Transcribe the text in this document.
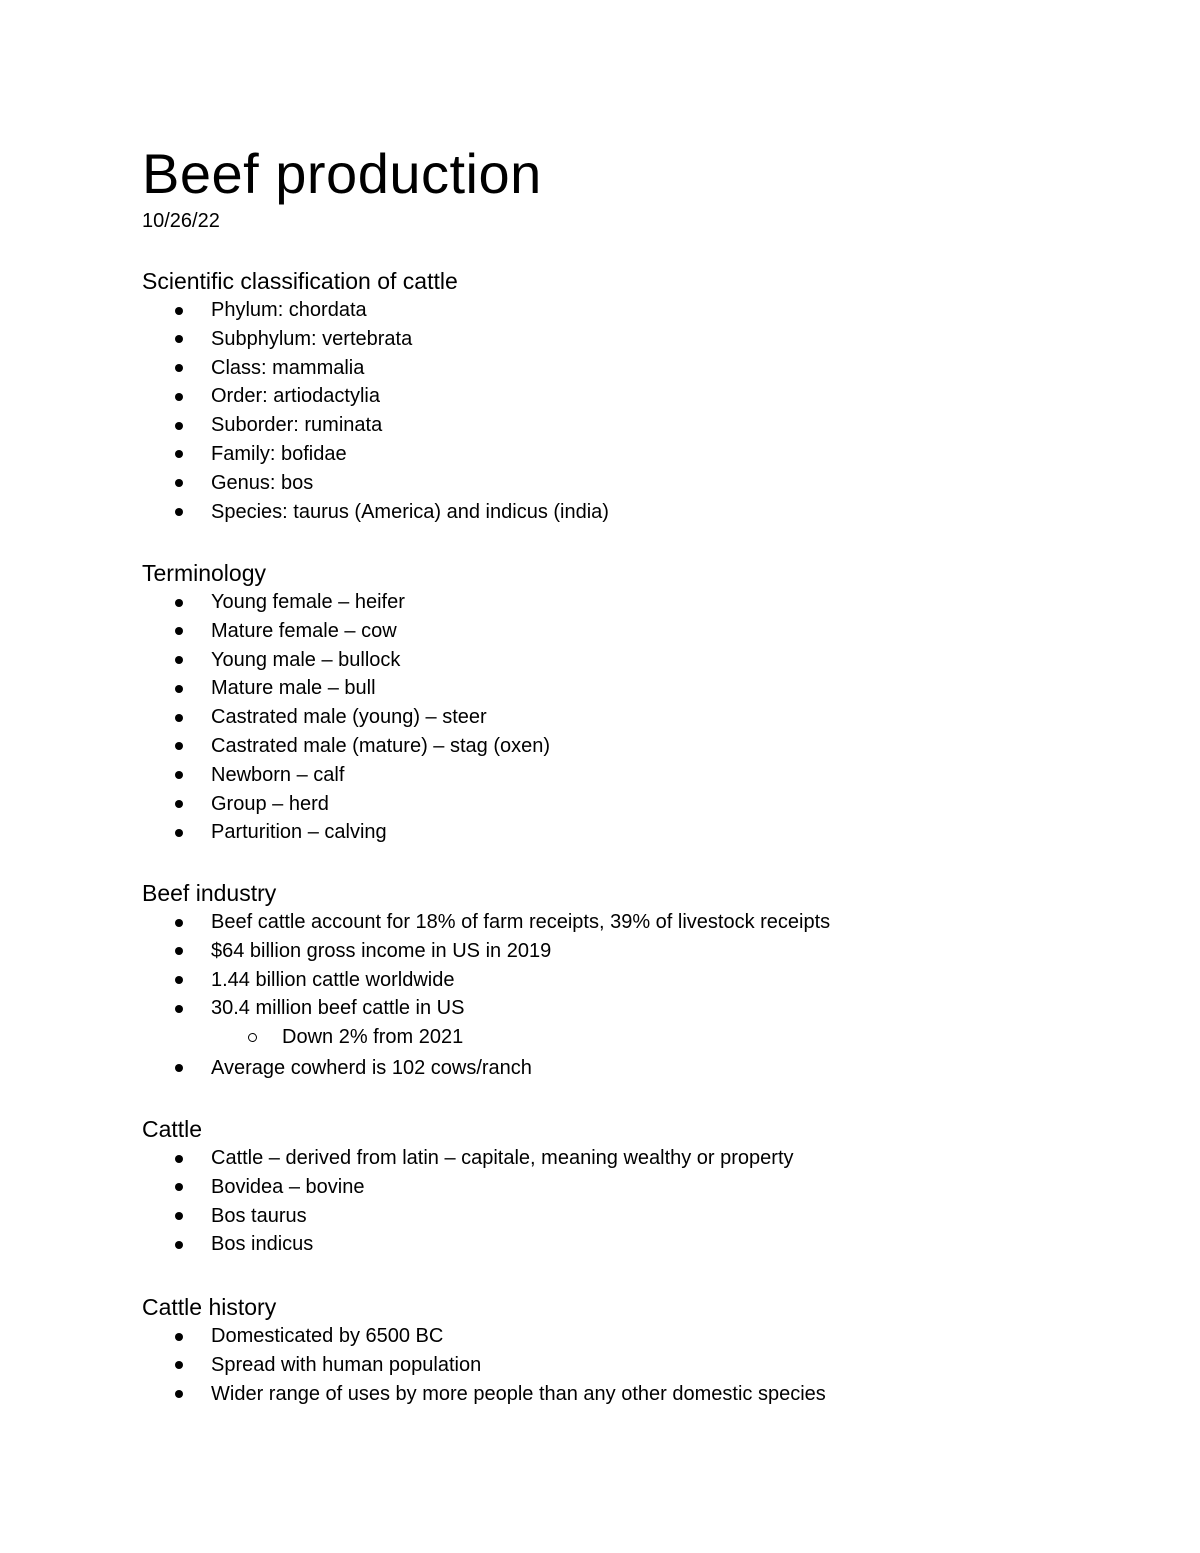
Beef production

10/26/22

Scientific classification of cattle
Phylum: chordata
Subphylum: vertebrata
Class: mammalia
Order: artiodactylia
Suborder: ruminata
Family: bofidae
Genus: bos
Species: taurus (America) and indicus (india)
Terminology
Young female – heifer
Mature female – cow
Young male – bullock
Mature male – bull
Castrated male (young) – steer
Castrated male (mature) – stag (oxen)
Newborn – calf
Group – herd
Parturition – calving
Beef industry
Beef cattle account for 18% of farm receipts, 39% of livestock receipts
$64 billion gross income in US in 2019
1.44 billion cattle worldwide
30.4 million beef cattle in US
Down 2% from 2021
Average cowherd is 102 cows/ranch
Cattle
Cattle – derived from latin – capitale, meaning wealthy or property
Bovidea – bovine
Bos taurus
Bos indicus
Cattle history
Domesticated by 6500 BC
Spread with human population
Wider range of uses by more people than any other domestic species
